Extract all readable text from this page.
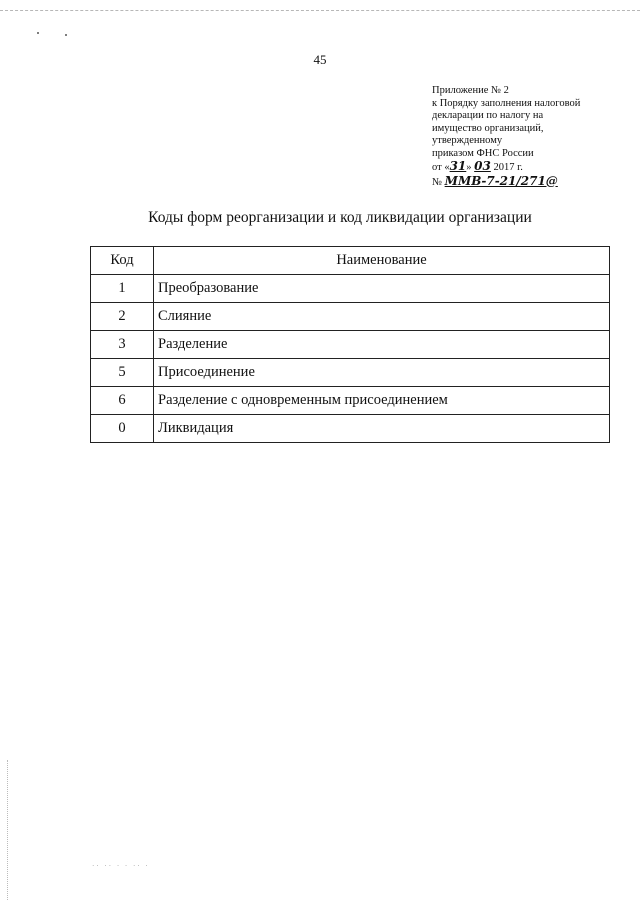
45
Приложение № 2
к Порядку заполнения налоговой
декларации по налогу на
имущество организаций,
утвержденному
приказом ФНС России
от «31» 03 2017 г.
№ ММВ-7-21/271@
Коды форм реорганизации и код ликвидации организации
Код	Наименование
1	Преобразование
2	Слияние
3	Разделение
5	Присоединение
6	Разделение с одновременным присоединением
0	Ликвидация
·· ·· · · ·· ·
